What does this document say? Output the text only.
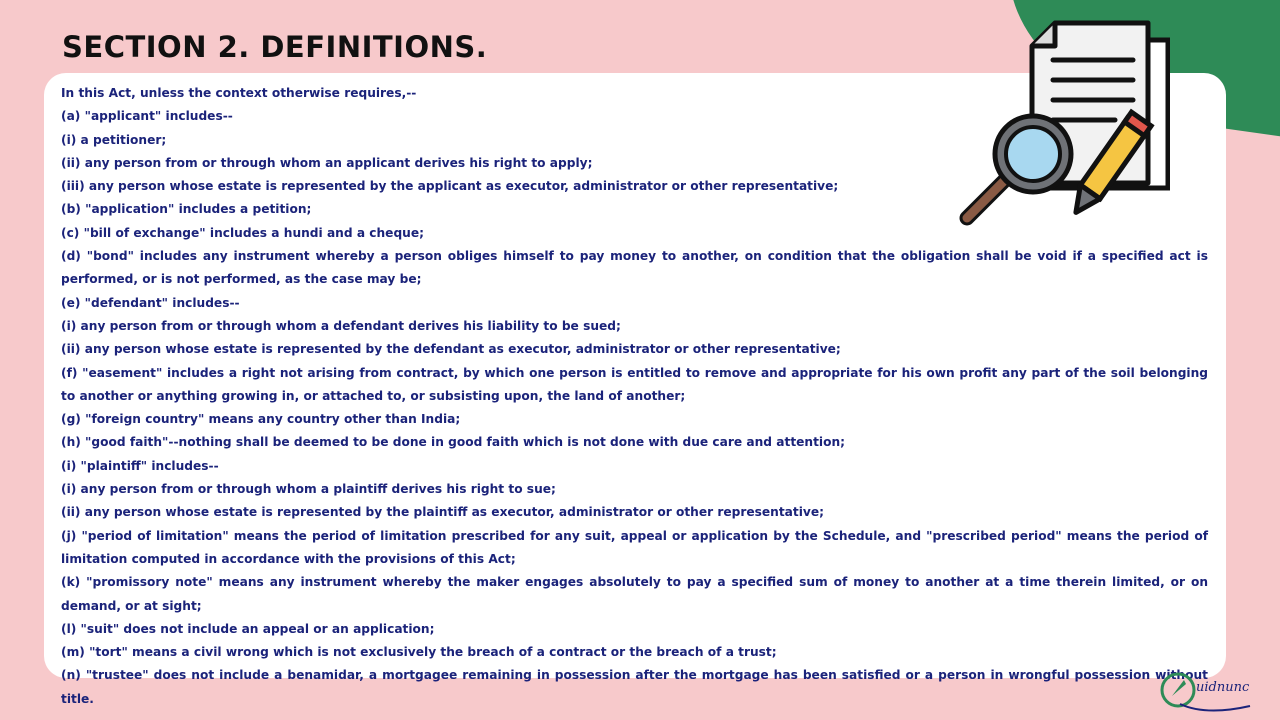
SECTION 2. DEFINITIONS.

In this Act, unless the context otherwise requires,--

(a) "applicant" includes--

(i) a petitioner;

(ii) any person from or through whom an applicant derives his right to apply;

(iii) any person whose estate is represented by the applicant as executor, administrator or other representative;

(b) "application" includes a petition;

(c) "bill of exchange" includes a hundi and a cheque;

(d) "bond" includes any instrument whereby a person obliges himself to pay money to another, on condition that the obligation shall be void if a specified act is performed, or is not performed, as the case may be;

(e) "defendant" includes--

(i) any person from or through whom a defendant derives his liability to be sued;

(ii) any person whose estate is represented by the defendant as executor, administrator or other representative;

(f) "easement" includes a right not arising from contract, by which one person is entitled to remove and appropriate for his own profit any part of the soil belonging to another or anything growing in, or attached to, or subsisting upon, the land of another;

(g) "foreign country" means any country other than India;

(h) "good faith"--nothing shall be deemed to be done in good faith which is not done with due care and attention;

(i) "plaintiff" includes--

(i) any person from or through whom a plaintiff derives his right to sue;

(ii) any person whose estate is represented by the plaintiff as executor, administrator or other representative;

(j) "period of limitation" means the period of limitation prescribed for any suit, appeal or application by the Schedule, and "prescribed period" means the period of limitation computed in accordance with the provisions of this Act;

(k) "promissory note" means any instrument whereby the maker engages absolutely to pay a specified sum of money to another at a time therein limited, or on demand, or at sight;

(l) "suit" does not include an appeal or an application;

(m) "tort" means a civil wrong which is not exclusively the breach of a contract or the breach of a trust;

(n) "trustee" does not include a benamidar, a mortgagee remaining in possession after the mortgage has been satisfied or a person in wrongful possession without title.

uidnunc
